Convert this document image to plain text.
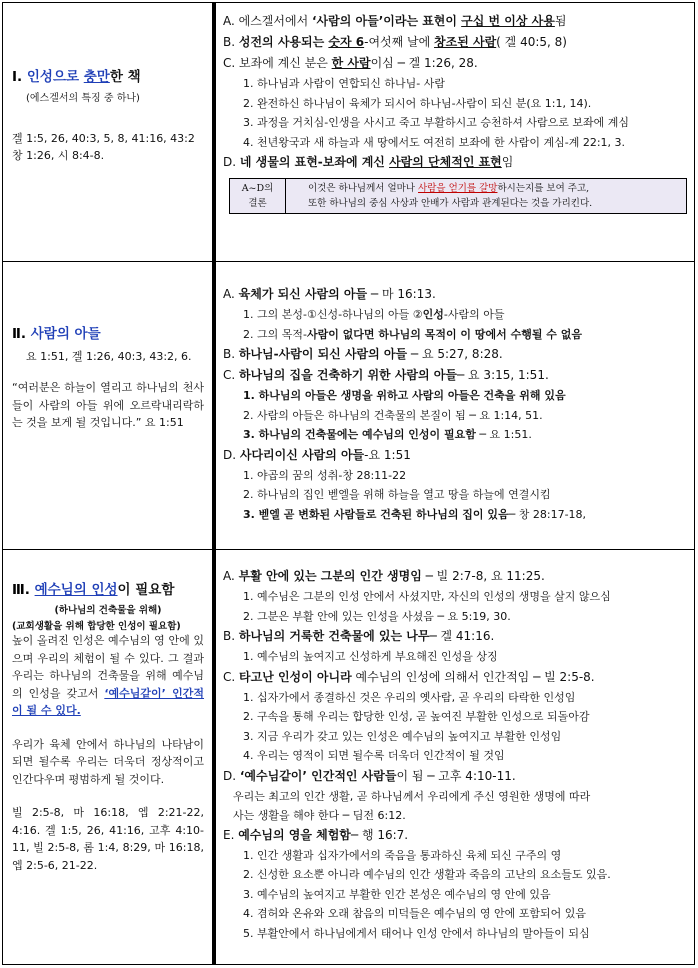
Ⅰ. 인성으로 충만한 책
(에스겔서의 특징 중 하나)
겔 1:5, 26, 40:3, 5, 8, 41:16, 43:2
창 1:26, 시 8:4-8.
A. 에스겔서에서 ‘사람의 아들’이라는 표현이 구십 번 이상 사용됨
B. 성전의 사용되는 숫자 6-여섯째 날에 창조된 사람( 겔 40:5, 8)
C. 보좌에 계신 분은 한 사람이심 ─ 겔 1:26, 28.
1. 하나님과 사람이 연합되신 하나님- 사람
2. 완전하신 하나님이 육체가 되시어 하나님-사람이 되신 분(요 1:1, 14).
3. 과정을 거치심-인생을 사시고 죽고 부활하시고 승천하셔 사람으로 보좌에 계심
4. 천년왕국과 새 하늘과 새 땅에서도 여전히 보좌에 한 사람이 계심-계 22:1, 3.
D. 네 생물의 표현-보좌에 계신 사람의 단체적인 표현임
A~D의
결론
이것은 하나님께서 얼마나 사람을 얻기를 갈망하시는지를 보여 주고,
또한 하나님의 중심 사상과 안배가 사람과 관계된다는 것을 가리킨다.
Ⅱ. 사람의 아들
요 1:51, 겔 1:26, 40:3, 43:2, 6.
“여러분은 하늘이 열리고 하나님의 천사들이 사람의 아들 위에 오르락내리락하는 것을 보게 될 것입니다.” 요 1:51
A. 육체가 되신 사람의 아들 ─ 마 16:13.
1. 그의 본성-①신성-하나님의 아들 ②인성-사람의 아들
2. 그의 목적-사람이 없다면 하나님의 목적이 이 땅에서 수행될 수 없음
B. 하나님-사람이 되신 사람의 아들 ─ 요 5:27, 8:28.
C. 하나님의 집을 건축하기 위한 사람의 아들─ 요 3:15, 1:51.
1. 하나님의 아들은 생명을 위하고 사람의 아들은 건축을 위해 있음
2. 사람의 아들은 하나님의 건축물의 본질이 됨 ─ 요 1:14, 51.
3. 하나님의 건축물에는 예수님의 인성이 필요함 ─ 요 1:51.
D. 사다리이신 사람의 아들-요 1:51
1. 야곱의 꿈의 성취-창 28:11-22
2. 하나님의 집인 벧엘을 위해 하늘을 열고 땅을 하늘에 연결시킴
3. 벧엘 곧 변화된 사람들로 건축된 하나님의 집이 있음─ 창 28:17-18,
Ⅲ. 예수님의 인성이 필요함
(하나님의 건축물을 위해)
(교회생활을 위해 합당한 인성이 필요함)
높이 올려진 인성은 예수님의 영 안에 있으며 우리의 체험이 될 수 있다. 그 결과 우리는 하나님의 건축물을 위해 예수님의 인성을 갖고서 ‘예수님같이’ 인간적이 될 수 있다.
우리가 육체 안에서 하나님의 나타남이 되면 될수록 우리는 더욱더 정상적이고 인간다우며 평범하게 될 것이다.
빌 2:5-8, 마 16:18, 엡 2:21-22, 4:16. 겔 1:5, 26, 41:16, 고후 4:10-11, 빌 2:5-8, 롬 1:4, 8:29, 마 16:18, 엡 2:5-6, 21-22.
A. 부활 안에 있는 그분의 인간 생명임 ─ 빌 2:7-8, 요 11:25.
1. 예수님은 그분의 인성 안에서 사셨지만, 자신의 인성의 생명을 살지 않으심
2. 그분은 부활 안에 있는 인성을 사셨음 ─ 요 5:19, 30.
B. 하나님의 거룩한 건축물에 있는 나무─ 겔 41:16.
1. 예수님의 높여지고 신성하게 부요해진 인성을 상징
C. 타고난 인성이 아니라 예수님의 인성에 의해서 인간적임 ─ 빌 2:5-8.
1. 십자가에서 종결하신 것은 우리의 옛사람, 곧 우리의 타락한 인성임
2. 구속을 통해 우리는 합당한 인성, 곧 높여진 부활한 인성으로 되돌아감
3. 지금 우리가 갖고 있는 인성은 예수님의 높여지고 부활한 인성임
4. 우리는 영적이 되면 될수록 더욱더 인간적이 될 것임
D. ‘예수님같이’ 인간적인 사람들이 됨 ─ 고후 4:10-11.
우리는 최고의 인간 생활, 곧 하나님께서 우리에게 주신 영원한 생명에 따라
사는 생활을 해야 한다 ─ 딤전 6:12.
E. 예수님의 영을 체험함─ 행 16:7.
1. 인간 생활과 십자가에서의 죽음을 통과하신 육체 되신 구주의 영
2. 신성한 요소뿐 아니라 예수님의 인간 생활과 죽음의 고난의 요소들도 있음.
3. 예수님의 높여지고 부활한 인간 본성은 예수님의 영 안에 있음
4. 겸허와 온유와 오래 참음의 미덕들은 예수님의 영 안에 포함되어 있음
5. 부활안에서 하나님에게서 태어나 인성 안에서 하나님의 말아들이 되심
